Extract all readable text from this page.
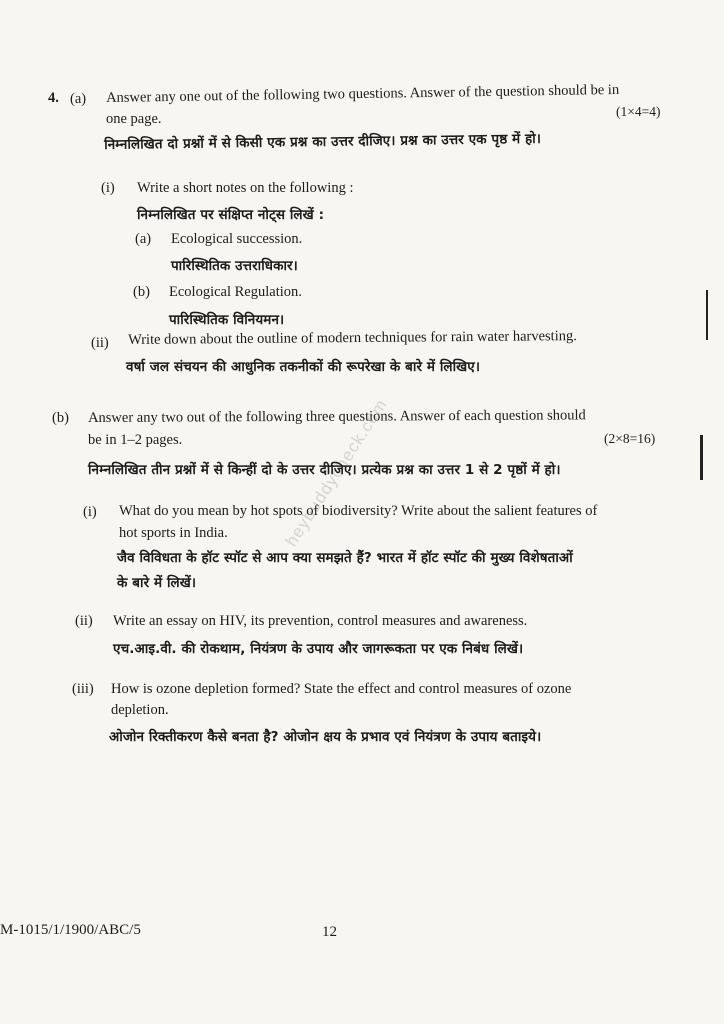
4. (a) Answer any one out of the following two questions. Answer of the question should be in
one page.	(1×4=4)
निम्नलिखित दो प्रश्नों में से किसी एक प्रश्न का उत्तर दीजिए। प्रश्न का उत्तर एक पृष्ठ में हो।
(i) Write a short notes on the following :
निम्नलिखित पर संक्षिप्त नोट्स लिखें :
(a) Ecological succession.
पारिस्थितिक उत्तराधिकार।
(b) Ecological Regulation.
पारिस्थितिक विनियमन।
(ii) Write down about the outline of modern techniques for rain water harvesting.
वर्षा जल संचयन की आधुनिक तकनीकों की रूपरेखा के बारे में लिखिए।
(b) Answer any two out of the following three questions. Answer of each question should
be in 1–2 pages.	(2×8=16)
निम्नलिखित तीन प्रश्नों में से किन्हीं दो के उत्तर दीजिए। प्रत्येक प्रश्न का उत्तर 1 से 2 पृष्ठों में हो।
(i) What do you mean by hot spots of biodiversity? Write about the salient features of
hot sports in India.
जैव विविधता के हॉट स्पॉट से आप क्या समझते हैं? भारत में हॉट स्पॉट की मुख्य विशेषताओं
के बारे में लिखें।
(ii) Write an essay on HIV, its prevention, control measures and awareness.
एच.आइ.वी. की रोकथाम, नियंत्रण के उपाय और जागरूकता पर एक निबंध लिखें।
(iii) How is ozone depletion formed? State the effect and control measures of ozone
depletion.
ओजोन रिक्तीकरण कैसे बनता है? ओजोन क्षय के प्रभाव एवं नियंत्रण के उपाय बताइये।
heybuddycheck.com
M-1015/1/1900/ABC/5	12
